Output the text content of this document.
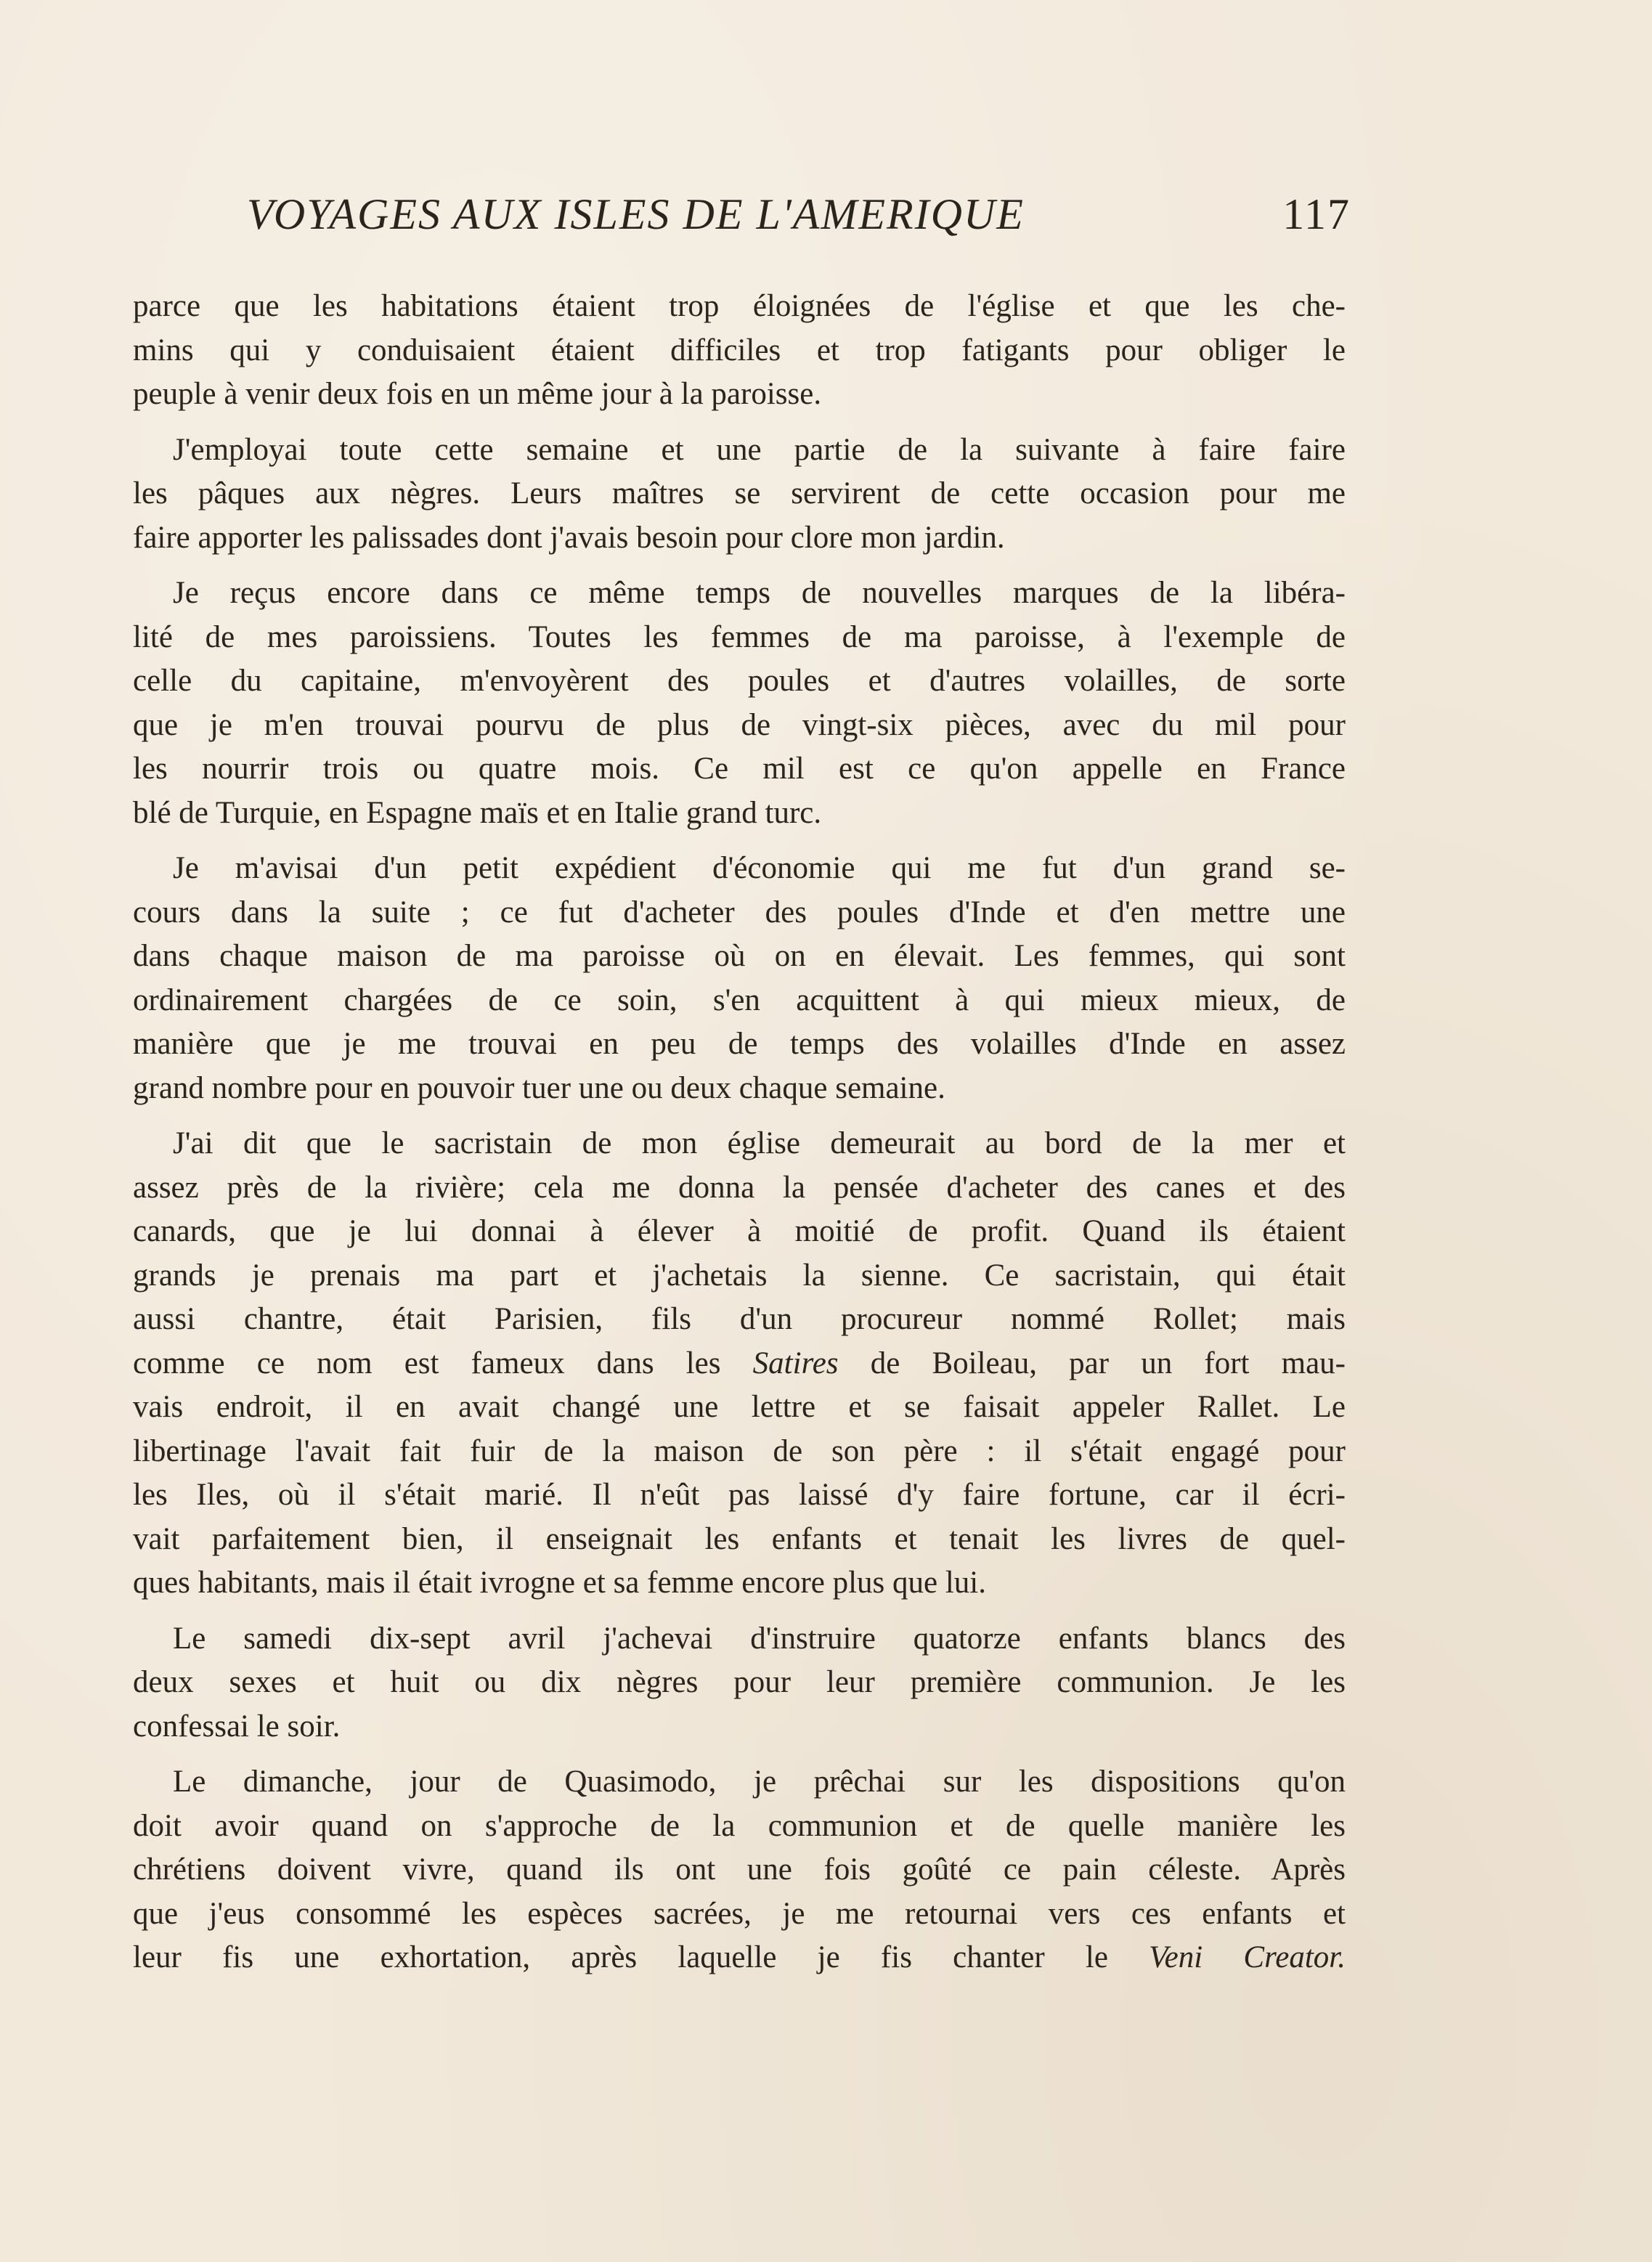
VOYAGES AUX ISLES DE L'AMERIQUE	117
parce que les habitations étaient trop éloignées de l'église et que les che-
mins qui y conduisaient étaient difficiles et trop fatigants pour obliger le
peuple à venir deux fois en un même jour à la paroisse.
J'employai toute cette semaine et une partie de la suivante à faire faire
les pâques aux nègres. Leurs maîtres se servirent de cette occasion pour me
faire apporter les palissades dont j'avais besoin pour clore mon jardin.
Je reçus encore dans ce même temps de nouvelles marques de la libéra-
lité de mes paroissiens. Toutes les femmes de ma paroisse, à l'exemple de
celle du capitaine, m'envoyèrent des poules et d'autres volailles, de sorte
que je m'en trouvai pourvu de plus de vingt-six pièces, avec du mil pour
les nourrir trois ou quatre mois. Ce mil est ce qu'on appelle en France
blé de Turquie, en Espagne maïs et en Italie grand turc.
Je m'avisai d'un petit expédient d'économie qui me fut d'un grand se-
cours dans la suite ; ce fut d'acheter des poules d'Inde et d'en mettre une
dans chaque maison de ma paroisse où on en élevait. Les femmes, qui sont
ordinairement chargées de ce soin, s'en acquittent à qui mieux mieux, de
manière que je me trouvai en peu de temps des volailles d'Inde en assez
grand nombre pour en pouvoir tuer une ou deux chaque semaine.
J'ai dit que le sacristain de mon église demeurait au bord de la mer et
assez près de la rivière; cela me donna la pensée d'acheter des canes et des
canards, que je lui donnai à élever à moitié de profit. Quand ils étaient
grands je prenais ma part et j'achetais la sienne. Ce sacristain, qui était
aussi chantre, était Parisien, fils d'un procureur nommé Rollet; mais
comme ce nom est fameux dans les Satires de Boileau, par un fort mau-
vais endroit, il en avait changé une lettre et se faisait appeler Rallet. Le
libertinage l'avait fait fuir de la maison de son père : il s'était engagé pour
les Iles, où il s'était marié. Il n'eût pas laissé d'y faire fortune, car il écri-
vait parfaitement bien, il enseignait les enfants et tenait les livres de quel-
ques habitants, mais il était ivrogne et sa femme encore plus que lui.
Le samedi dix-sept avril j'achevai d'instruire quatorze enfants blancs des
deux sexes et huit ou dix nègres pour leur première communion. Je les
confessai le soir.
Le dimanche, jour de Quasimodo, je prêchai sur les dispositions qu'on
doit avoir quand on s'approche de la communion et de quelle manière les
chrétiens doivent vivre, quand ils ont une fois goûté ce pain céleste. Après
que j'eus consommé les espèces sacrées, je me retournai vers ces enfants et
leur fis une exhortation, après laquelle je fis chanter le Veni Creator.
